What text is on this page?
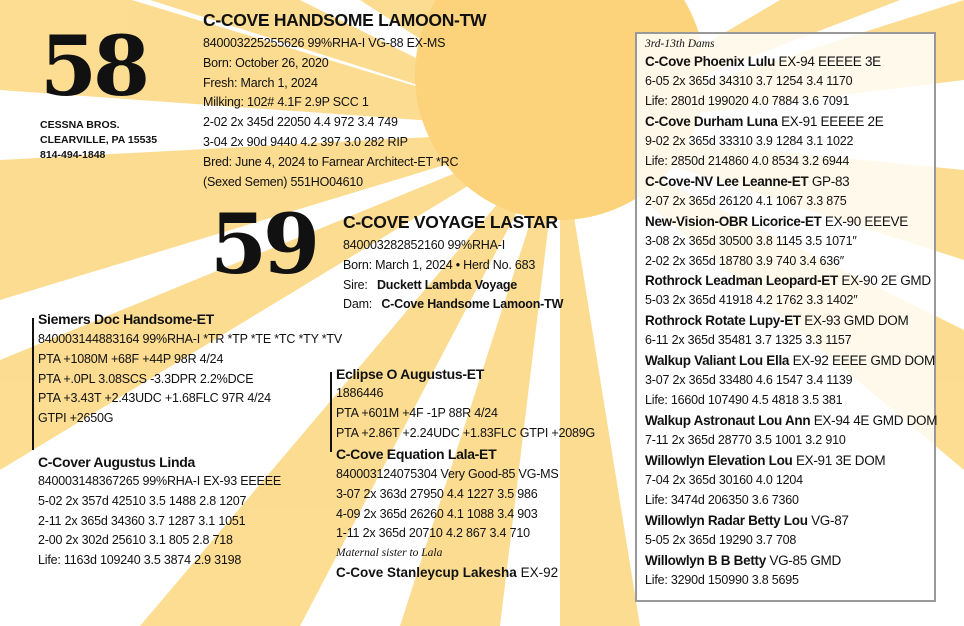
58
CESSNA BROS.
CLEARVILLE, PA 15535
814-494-1848
C-COVE HANDSOME LAMOON-TW
840003225255626 99%RHA-I VG-88 EX-MS
Born: October 26, 2020
Fresh: March 1, 2024
Milking: 102# 4.1F 2.9P SCC 1
2-02 2x 345d 22050 4.4 972 3.4 749
3-04 2x 90d 9440 4.2 397 3.0 282 RIP
Bred: June 4, 2024 to Farnear Architect-ET *RC
(Sexed Semen) 551HO04610
59 C-COVE VOYAGE LASTAR
840003282852160 99%RHA-I
Born: March 1, 2024 • Herd No. 683
Sire: Duckett Lambda Voyage
Dam: C-Cove Handsome Lamoon-TW
Siemers Doc Handsome-ET
840003144883164 99%RHA-I *TR *TP *TE *TC *TY *TV
PTA +1080M +68F +44P 98R 4/24
PTA +.0PL 3.08SCS -3.3DPR 2.2%DCE
PTA +3.43T +2.43UDC +1.68FLC 97R 4/24
GTPI +2650G
C-Cover Augustus Linda
840003148367265 99%RHA-I EX-93 EEEEE
5-02 2x 357d 42510 3.5 1488 2.8 1207
2-11 2x 365d 34360 3.7 1287 3.1 1051
2-00 2x 302d 25610 3.1 805 2.8 718
Life: 1163d 109240 3.5 3874 2.9 3198
Eclipse O Augustus-ET
1886446
PTA +601M +4F -1P 88R 4/24
PTA +2.86T +2.24UDC +1.83FLC GTPI +2089G
C-Cove Equation Lala-ET
840003124075304 Very Good-85 VG-MS
3-07 2x 363d 27950 4.4 1227 3.5 986
4-09 2x 365d 26260 4.1 1088 3.4 903
1-11 2x 365d 20710 4.2 867 3.4 710
Maternal sister to Lala
C-Cove Stanleycup Lakesha EX-92
3rd-13th Dams
C-Cove Phoenix Lulu EX-94 EEEEE 3E
6-05 2x 365d 34310 3.7 1254 3.4 1170
Life: 2801d 199020 4.0 7884 3.6 7091
C-Cove Durham Luna EX-91 EEEEE 2E
9-02 2x 365d 33310 3.9 1284 3.1 1022
Life: 2850d 214860 4.0 8534 3.2 6944
C-Cove-NV Lee Leanne-ET GP-83
2-07 2x 365d 26120 4.1 1067 3.3 875
New-Vision-OBR Licorice-ET EX-90 EEEVE
3-08 2x 365d 30500 3.8 1145 3.5 1071″
2-02 2x 365d 18780 3.9 740 3.4 636″
Rothrock Leadman Leopard-ET EX-90 2E GMD
5-03 2x 365d 41918 4.2 1762 3.3 1402″
Rothrock Rotate Lupy-ET EX-93 GMD DOM
6-11 2x 365d 35481 3.7 1325 3.3 1157
Walkup Valiant Lou Ella EX-92 EEEE GMD DOM
3-07 2x 365d 33480 4.6 1547 3.4 1139
Life: 1660d 107490 4.5 4818 3.5 381
Walkup Astronaut Lou Ann EX-94 4E GMD DOM
7-11 2x 365d 28770 3.5 1001 3.2 910
Willowlyn Elevation Lou EX-91 3E DOM
7-04 2x 365d 30160 4.0 1204
Life: 3474d 206350 3.6 7360
Willowlyn Radar Betty Lou VG-87
5-05 2x 365d 19290 3.7 708
Willowlyn B B Betty VG-85 GMD
Life: 3290d 150990 3.8 5695
